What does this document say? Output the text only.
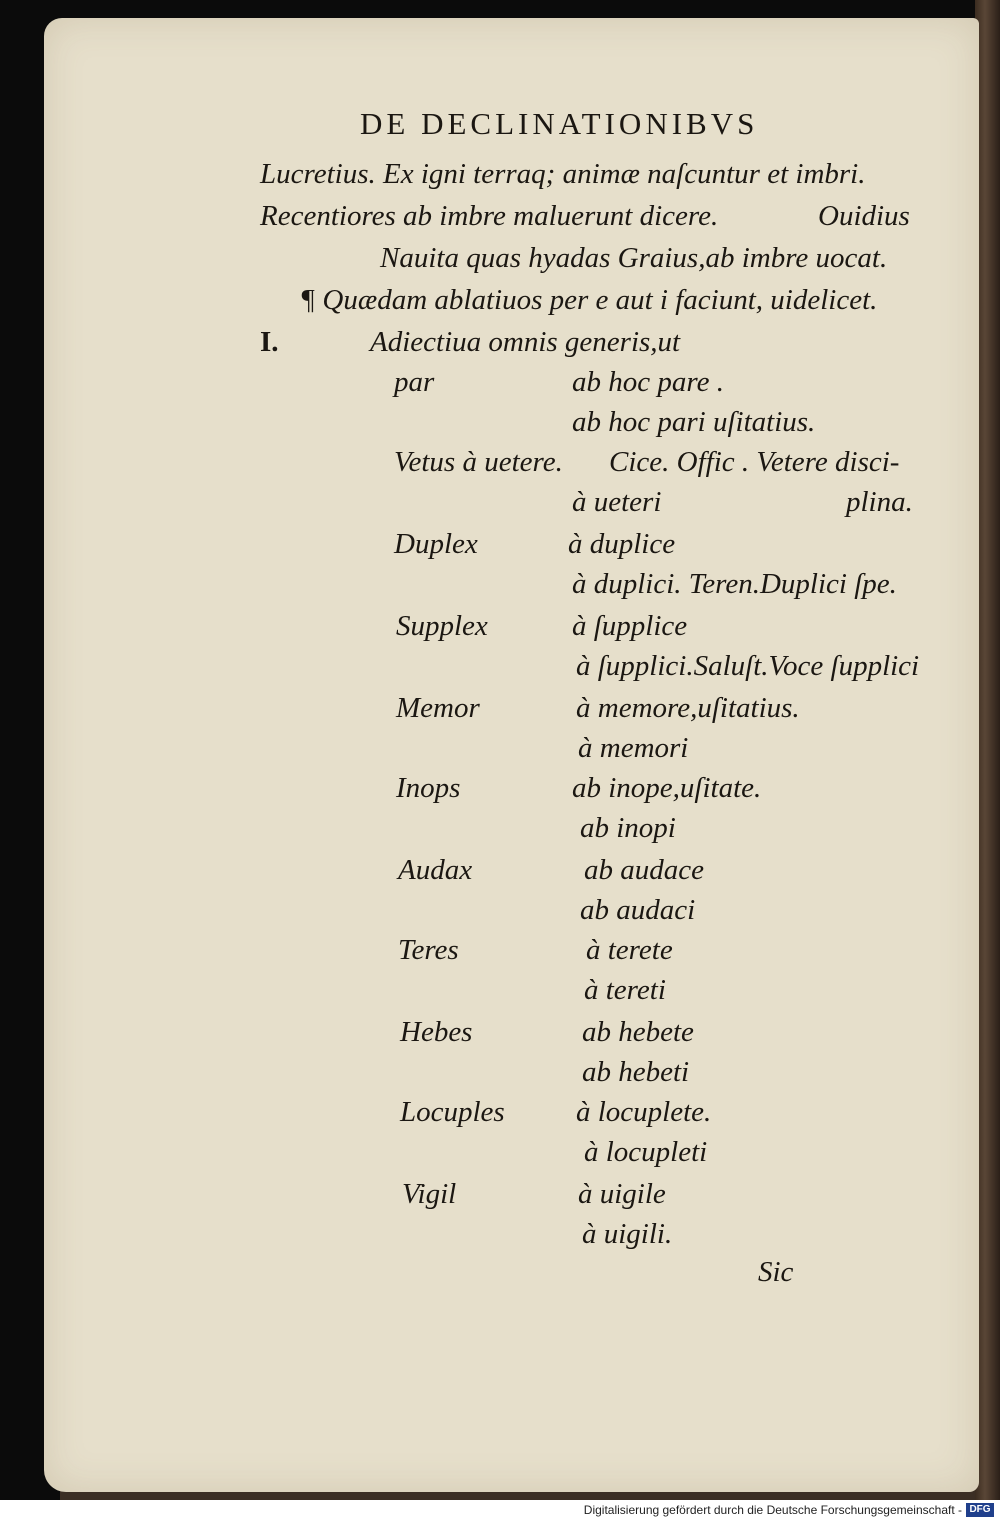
DE DECLINATIONIBVS
Lucretius. Ex igni terraq; animæ naſcuntur et imbri.
Recentiores ab imbre maluerunt dicere.	Ouidius
Nauita quas hyadas Graius,ab imbre uocat.
¶ Quædam ablatiuos per e aut i faciunt, uidelicet.
I.	Adiectiua omnis generis,ut
par	ab hoc pare .
ab hoc pari uſitatius.
Vetus à uetere. Cice. Offic . Vetere disci-
à ueteri	plina.
Duplex	à duplice
à duplici. Teren.Duplici ſpe.
Supplex	à ſupplice
à ſupplici.Saluſt.Voce ſupplici
Memor	à memore,uſitatius.
à memori
Inops	ab inope,uſitate.
ab inopi
Audax	ab audace
ab audaci
Teres	à terete
à tereti
Hebes	ab hebete
ab hebeti
Locuples à locuplete.
à locupleti
Vigil	à uigile
à uigili.
Sic
Digitalisierung gefördert durch die Deutsche Forschungsgemeinschaft - DFG
